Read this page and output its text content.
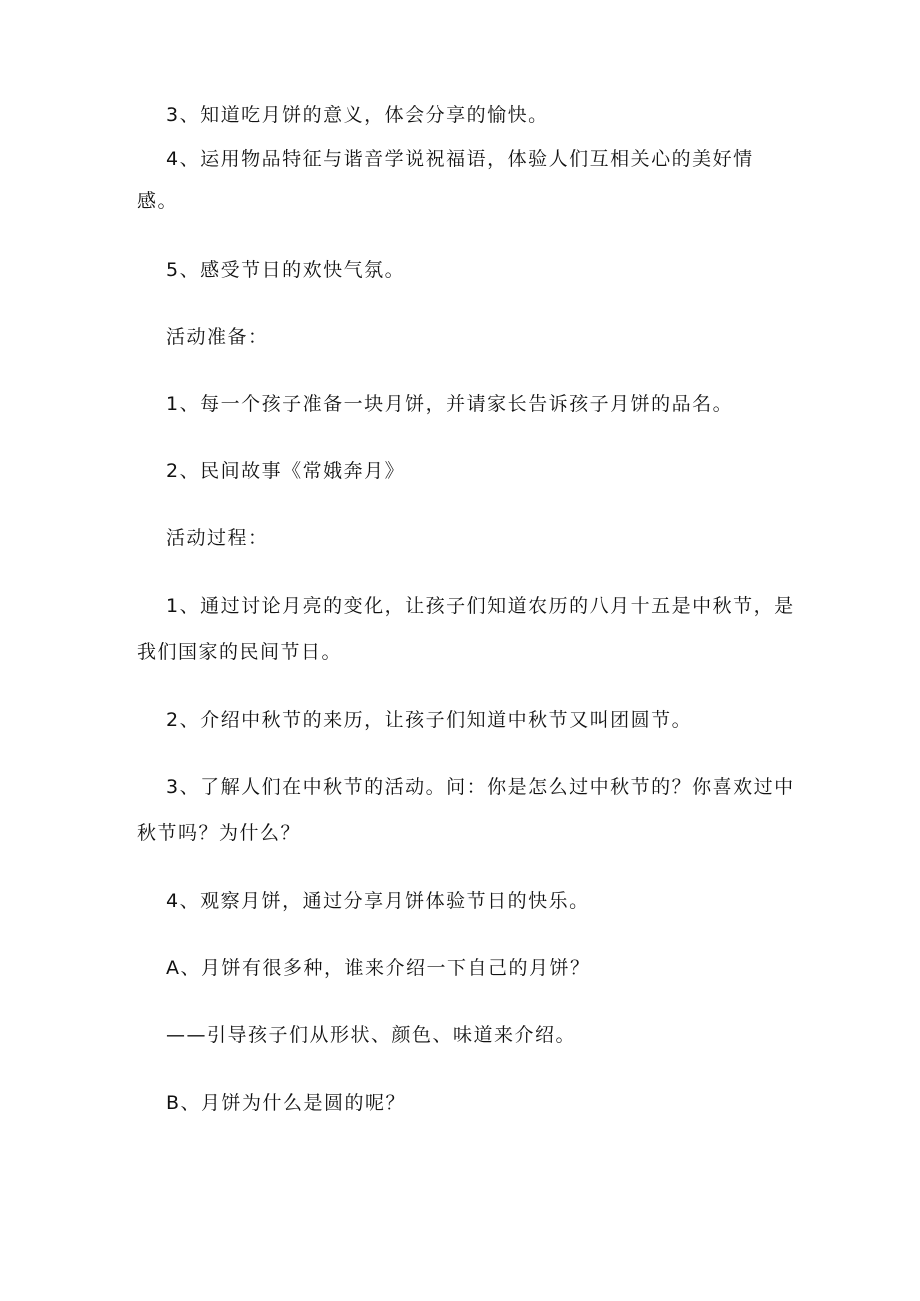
3、知道吃月饼的意义，体会分享的愉快。
4、运用物品特征与谐音学说祝福语，体验人们互相关心的美好情
感。
5、感受节日的欢快气氛。
活动准备：
1、每一个孩子准备一块月饼，并请家长告诉孩子月饼的品名。
2、民间故事《常娥奔月》
活动过程：
1、通过讨论月亮的变化，让孩子们知道农历的八月十五是中秋节，是
我们国家的民间节日。
2、介绍中秋节的来历，让孩子们知道中秋节又叫团圆节。
3、了解人们在中秋节的活动。问：你是怎么过中秋节的？你喜欢过中
秋节吗？为什么？
4、观察月饼，通过分享月饼体验节日的快乐。
A、月饼有很多种，谁来介绍一下自己的月饼？
——引导孩子们从形状、颜色、味道来介绍。
B、月饼为什么是圆的呢？
